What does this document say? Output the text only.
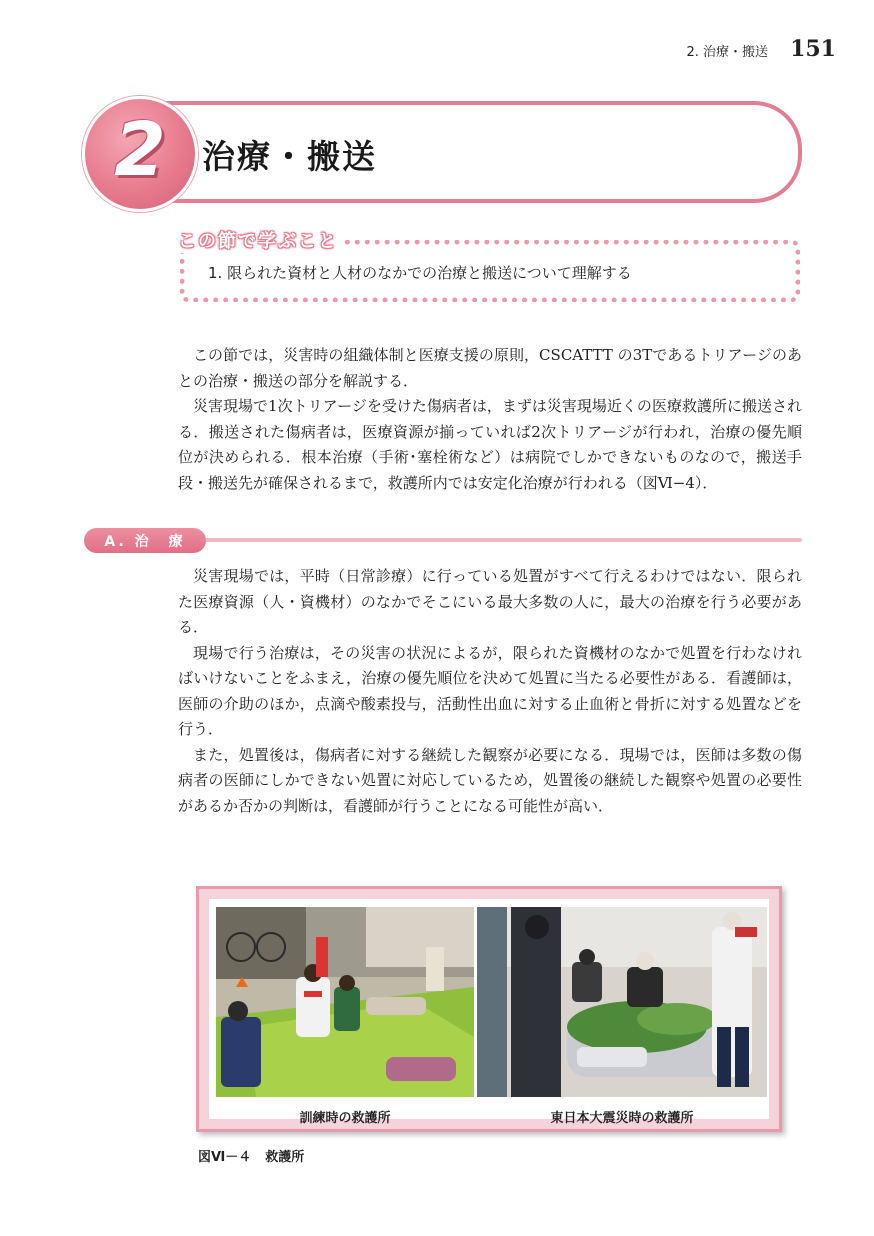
2. 治療・搬送 151
治療・搬送
2
この節で学ぶこと
1. 限られた資材と人材のなかでの治療と搬送について理解する

この節では，災害時の組織体制と医療支援の原則，CSCATTT の3Tであるトリアージのあとの治療・搬送の部分を解説する．

災害現場で1次トリアージを受けた傷病者は，まずは災害現場近くの医療救護所に搬送される．搬送された傷病者は，医療資源が揃っていれば2次トリアージが行われ，治療の優先順位が決められる．根本治療（手術･塞栓術など）は病院でしかできないものなので，搬送手段・搬送先が確保されるまで，救護所内では安定化治療が行われる（図Ⅵ−4）．

A. 治　療

災害現場では，平時（日常診療）に行っている処置がすべて行えるわけではない．限られた医療資源（人・資機材）のなかでそこにいる最大多数の人に，最大の治療を行う必要がある．

現場で行う治療は，その災害の状況によるが，限られた資機材のなかで処置を行わなければいけないことをふまえ，治療の優先順位を決めて処置に当たる必要性がある．看護師は，医師の介助のほか，点滴や酸素投与，活動性出血に対する止血術と骨折に対する処置などを行う．

また，処置後は，傷病者に対する継続した観察が必要になる．現場では，医師は多数の傷病者の医師にしかできない処置に対応しているため，処置後の継続した観察や処置の必要性があるか否かの判断は，看護師が行うことになる可能性が高い．

訓練時の救護所	東日本大震災時の救護所
図Ⅵ－４ 救護所
